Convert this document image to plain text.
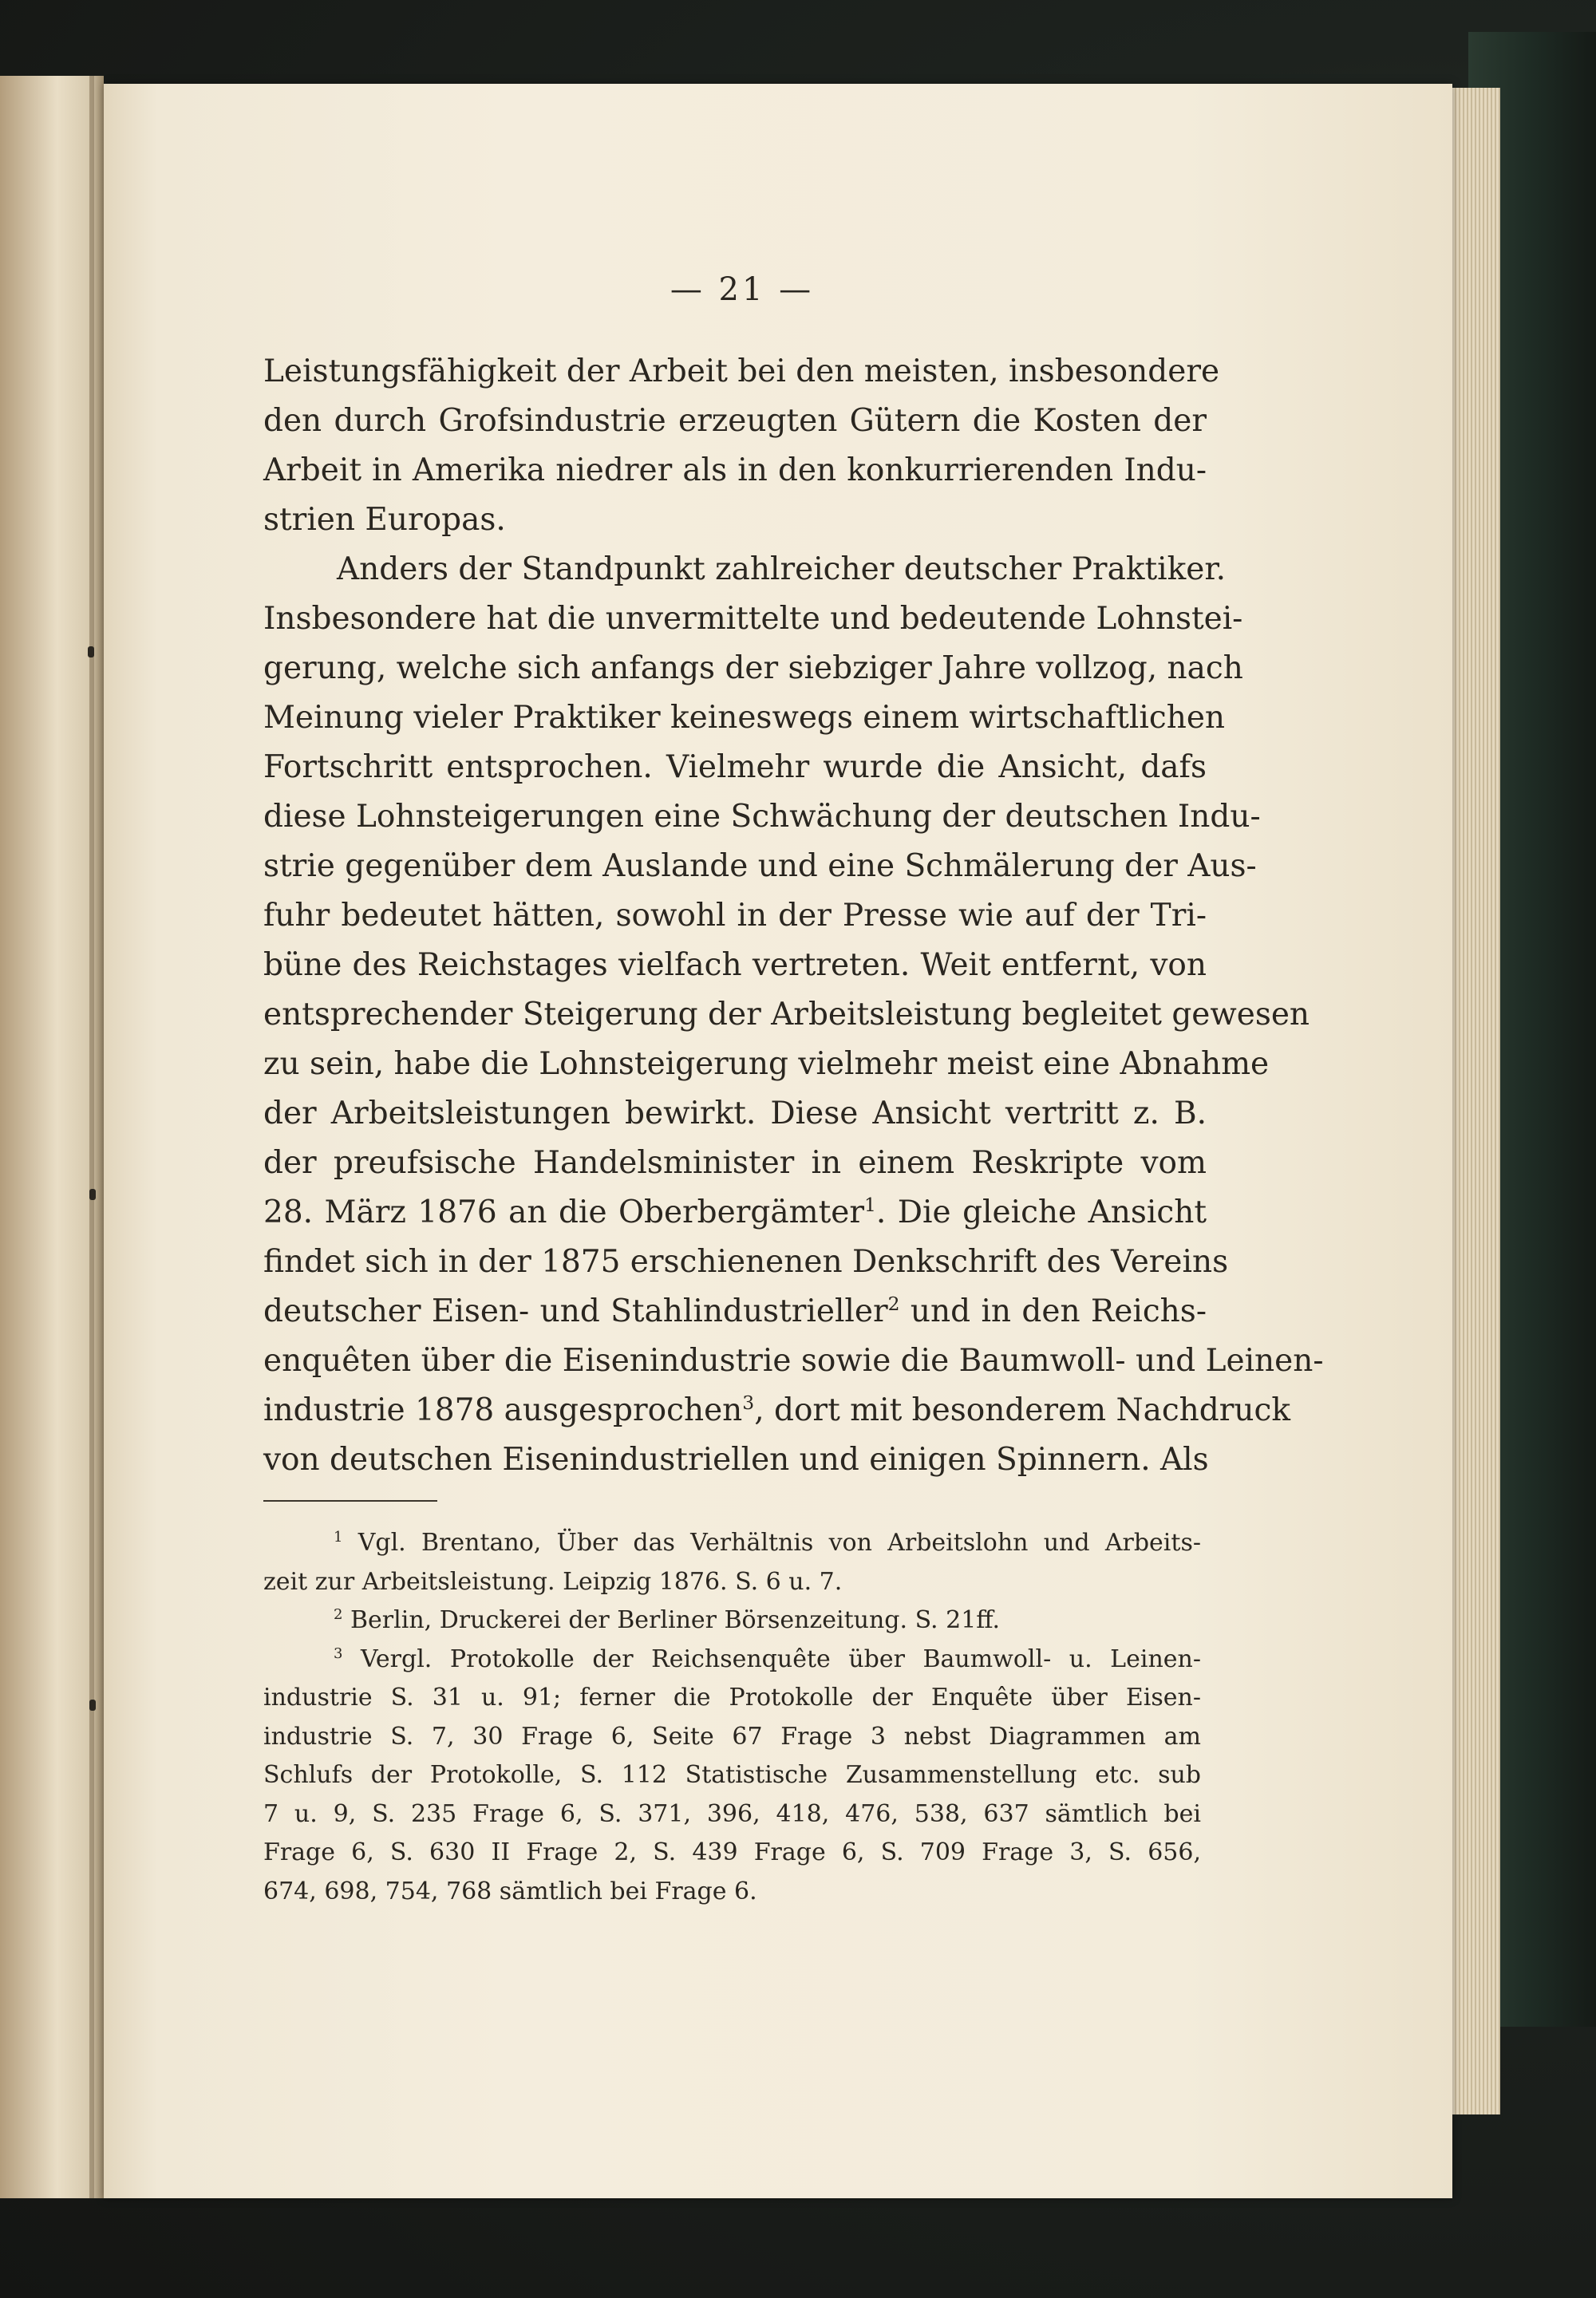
— 21 —
Leistungsfähigkeit der Arbeit bei den meisten, insbesondere
den durch Grofsindustrie erzeugten Gütern die Kosten der
Arbeit in Amerika niedrer als in den konkurrierenden Indu-
strien Europas.
Anders der Standpunkt zahlreicher deutscher Praktiker.
Insbesondere hat die unvermittelte und bedeutende Lohnstei-
gerung, welche sich anfangs der siebziger Jahre vollzog, nach
Meinung vieler Praktiker keineswegs einem wirtschaftlichen
Fortschritt entsprochen. Vielmehr wurde die Ansicht, dafs
diese Lohnsteigerungen eine Schwächung der deutschen Indu-
strie gegenüber dem Auslande und eine Schmälerung der Aus-
fuhr bedeutet hätten, sowohl in der Presse wie auf der Tri-
büne des Reichstages vielfach vertreten. Weit entfernt, von
entsprechender Steigerung der Arbeitsleistung begleitet gewesen
zu sein, habe die Lohnsteigerung vielmehr meist eine Abnahme
der Arbeitsleistungen bewirkt. Diese Ansicht vertritt z. B.
der preufsische Handelsminister in einem Reskripte vom
28. März 1876 an die Oberbergämter$^1$. Die gleiche Ansicht
findet sich in der 1875 erschienenen Denkschrift des Vereins
deutscher Eisen- und Stahlindustrieller$^2$ und in den Reichs-
enquêten über die Eisenindustrie sowie die Baumwoll- und Leinen-
industrie 1878 ausgesprochen$^3$, dort mit besonderem Nachdruck
von deutschen Eisenindustriellen und einigen Spinnern. Als
$^1$ Vgl. Brentano, Über das Verhältnis von Arbeitslohn und Arbeits-
zeit zur Arbeitsleistung. Leipzig 1876. S. 6 u. 7.
$^2$ Berlin, Druckerei der Berliner Börsenzeitung. S. 21ff.
$^3$ Vergl. Protokolle der Reichsenquête über Baumwoll- u. Leinen-
industrie S. 31 u. 91; ferner die Protokolle der Enquête über Eisen-
industrie S. 7, 30 Frage 6, Seite 67 Frage 3 nebst Diagrammen am
Schlufs der Protokolle, S. 112 Statistische Zusammenstellung etc. sub
7 u. 9, S. 235 Frage 6, S. 371, 396, 418, 476, 538, 637 sämtlich bei
Frage 6, S. 630 II Frage 2, S. 439 Frage 6, S. 709 Frage 3, S. 656,
674, 698, 754, 768 sämtlich bei Frage 6.
